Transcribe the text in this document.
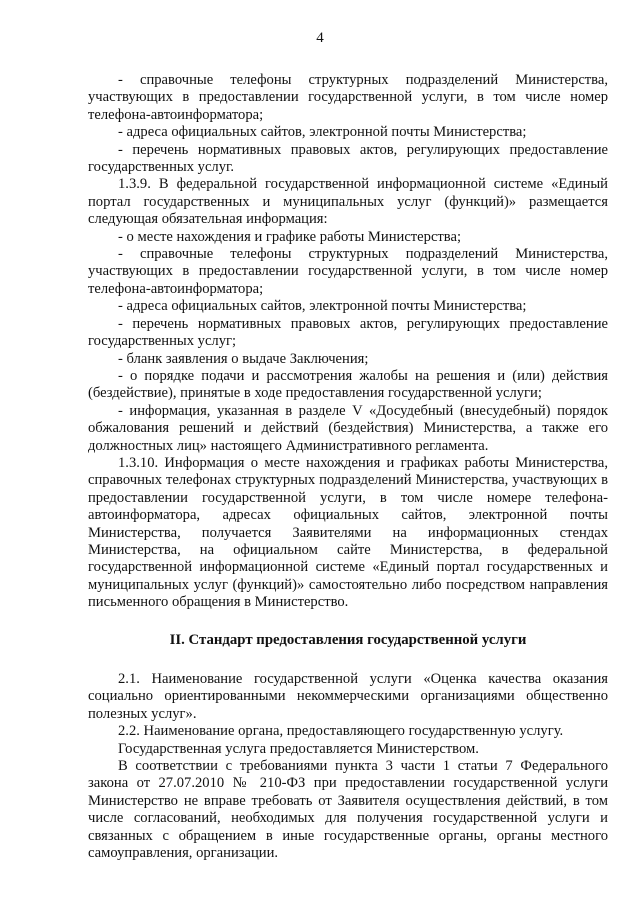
4

- справочные телефоны структурных подразделений Министерства, участвующих в предоставлении государственной услуги, в том числе номер телефона-автоинформатора;

- адреса официальных сайтов, электронной почты Министерства;

- перечень нормативных правовых актов, регулирующих предоставление государственных услуг.

1.3.9. В федеральной государственной информационной системе «Единый портал государственных и муниципальных услуг (функций)» размещается следующая обязательная информация:

- о месте нахождения и графике работы Министерства;

- справочные телефоны структурных подразделений Министерства, участвующих в предоставлении государственной услуги, в том числе номер телефона-автоинформатора;

- адреса официальных сайтов, электронной почты Министерства;

- перечень нормативных правовых актов, регулирующих предоставление государственных услуг;

- бланк заявления о выдаче Заключения;

- о порядке подачи и рассмотрения жалобы на решения и (или) действия (бездействие), принятые в ходе предоставления государственной услуги;

- информация, указанная в разделе V «Досудебный (внесудебный) порядок обжалования решений и действий (бездействия) Министерства, а также его должностных лиц» настоящего Административного регламента.

1.3.10. Информация о месте нахождения и графиках работы Министерства, справочных телефонах структурных подразделений Министерства, участвующих в предоставлении государственной услуги, в том числе номере телефона-автоинформатора, адресах официальных сайтов, электронной почты Министерства, получается Заявителями на информационных стендах Министерства, на официальном сайте Министерства, в федеральной государственной информационной системе «Единый портал государственных и муниципальных услуг (функций)» самостоятельно либо посредством направления письменного обращения в Министерство.

II. Стандарт предоставления государственной услуги

2.1. Наименование государственной услуги «Оценка качества оказания социально ориентированными некоммерческими организациями общественно полезных услуг».

2.2. Наименование органа, предоставляющего государственную услугу.

Государственная услуга предоставляется Министерством.

В соответствии с требованиями пункта 3 части 1 статьи 7 Федерального закона от 27.07.2010 № 210-ФЗ при предоставлении государственной услуги Министерство не вправе требовать от Заявителя осуществления действий, в том числе согласований, необходимых для получения государственной услуги и связанных с обращением в иные государственные органы, органы местного самоуправления, организации.
